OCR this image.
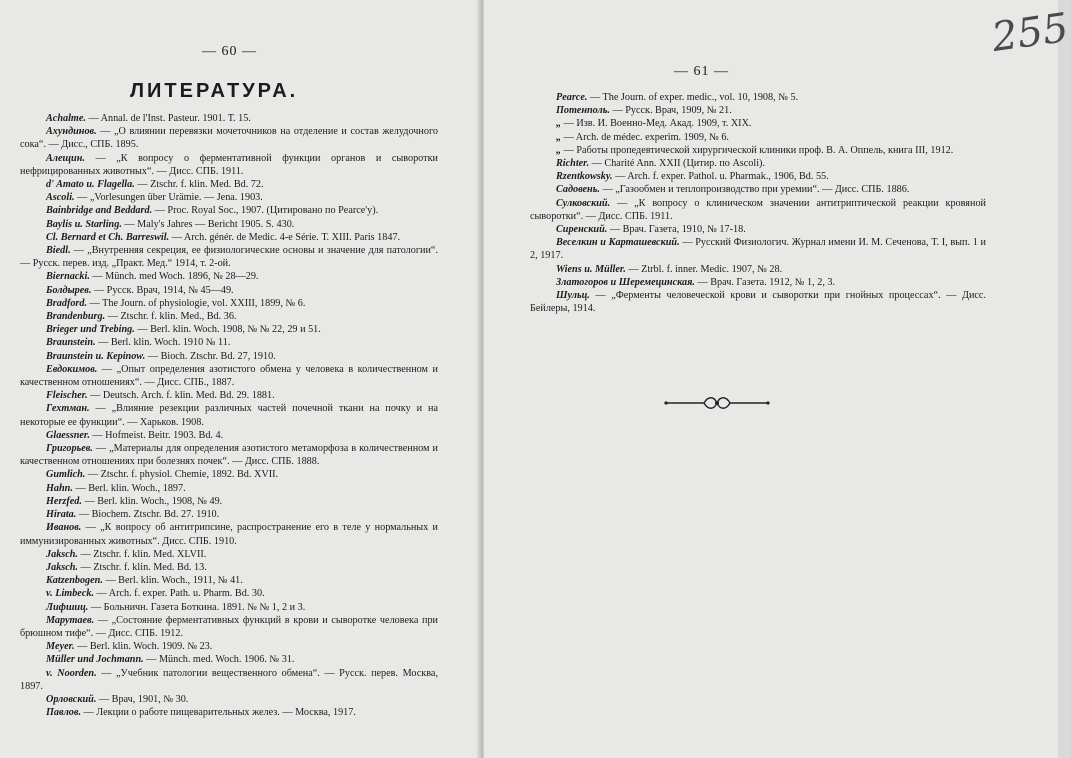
— 60 —
ЛИТЕРАТУРА.
Achalme. — Annal. de l'Inst. Pasteur. 1901. Т. 15.
Ахундинов. — „О влиянии перевязки мочеточников на отделение и состав желудочного сока“. — Дисс., СПБ. 1895.
Алещин. — „К вопросу о ферментативной функции органов и сыворотки нефрицированных животных“. — Дисс. СПБ. 1911.
d' Amato u. Flagella. — Ztschr. f. klin. Med. Bd. 72.
Ascoli. — „Vorlesungen über Urämie. — Jena. 1903.
Bainbridge and Beddard. — Proc. Royal Soc., 1907. (Цитировано по Pearce'y).
Baylis u. Starling. — Maly's Jahres — Bericht 1905. S. 430.
Cl. Bernard et Ch. Barreswil. — Arch. génér. de Medic. 4-e Série. Т. XIII. Paris 1847.
Biedl. — „Внутренняя секреция, ее физиологические основы и значение для патологии“. — Русск. перев. изд. „Практ. Мед.“ 1914, т. 2-ой.
Biernacki. — Münch. med Woch. 1896, № 28—29.
Болдырев. — Русск. Врач, 1914, № 45—49.
Bradford. — The Journ. of physiologie, vol. XXIII, 1899, № 6.
Brandenburg. — Ztschr. f. klin. Med., Bd. 36.
Brieger und Trebing. — Berl. klin. Woch. 1908, № № 22, 29 и 51.
Braunstein. — Berl. klin. Woch. 1910 № 11.
Braunstein u. Kepinow. — Bioch. Ztschr. Bd. 27, 1910.
Евдокимов. — „Опыт определения азотистого обмена у человека в количественном и качественном отношениях“. — Дисс. СПБ., 1887.
Fleischer. — Deutsch. Arch. f. klin. Med. Bd. 29. 1881.
Гехтман. — „Влияние резекции различных частей почечной ткани на почку и на некоторые ее функции“. — Харьков. 1908.
Glaessner. — Hofmeist. Beitr. 1903. Bd. 4.
Григорьев. — „Материалы для определения азотистого метаморфоза в количественном и качественном отношениях при болезнях почек“. — Дисс. СПБ. 1888.
Gumlich. — Ztschr. f. physiol. Chemie, 1892. Bd. XVII.
Hahn. — Berl. klin. Woch., 1897.
Herzfed. — Berl. klin. Woch., 1908, № 49.
Hirata. — Biochem. Ztschr. Bd. 27. 1910.
Иванов. — „К вопросу об антитрипсине, распространение его в теле у нормальных и иммунизированных животных“. Дисс. СПБ. 1910.
Jaksch. — Ztschr. f. klin. Med. XLVII.
Jaksch. — Ztschr. f. klin. Med. Bd. 13.
Katzenbogen. — Berl. klin. Woch., 1911, № 41.
v. Limbeck. — Arch. f. exper. Path. u. Pharm. Bd. 30.
Лифшиц. — Больничн. Газета Боткина. 1891. № № 1, 2 и 3.
Марутаев. — „Состояние ферментативных функций в крови и сыворотке человека при брюшном тифе“. — Дисс. СПБ. 1912.
Meyer. — Berl. klin. Woch. 1909. № 23.
Müller und Jochmann. — Münch. med. Woch. 1906. № 31.
v. Noorden. — „Учебник патологии вещественного обмена“. — Русск. перев. Москва, 1897.
Орловский. — Врач, 1901, № 30.
Павлов. — Лекции о работе пищеварительных желез. — Москва, 1917.
255
— 61 —
Pearce. — The Journ. of exper. medic., vol. 10, 1908, № 5.
Потенполь. — Русск. Врач, 1909, № 21.
„ — Изв. И. Военно-Мед. Акад. 1909, т. XIX.
„ — Arch. de médec. experim. 1909, № 6.
„ — Работы пропедевтической хирургической клиники проф. В. А. Оппель, книга III, 1912.
Richter. — Charité Ann. XXII (Цитир. по Ascoli).
Rzentkowsky. — Arch. f. exper. Pathol. u. Pharmak., 1906, Bd. 55.
Садовень. — „Газообмен и теплопроизводство при уремии“. — Дисс. СПБ. 1886.
Сулковский. — „К вопросу о клиническом значении антитриптической реакции кровяной сыворотки“. — Дисс. СПБ. 1911.
Сиренский. — Врач. Газета, 1910, № 17-18.
Веселкин и Карташевский. — Русский Физиологич. Журнал имени И. М. Сеченова, Т. I, вып. 1 и 2, 1917.
Wiens u. Müller. — Ztrbl. f. inner. Medic. 1907, № 28.
Златогоров и Шеремецинская. — Врач. Газета. 1912, № 1, 2, 3.
Шульц. — „Ферменты человеческой крови и сыворотки при гнойных процессах“. — Дисс. Бейлеры, 1914.
